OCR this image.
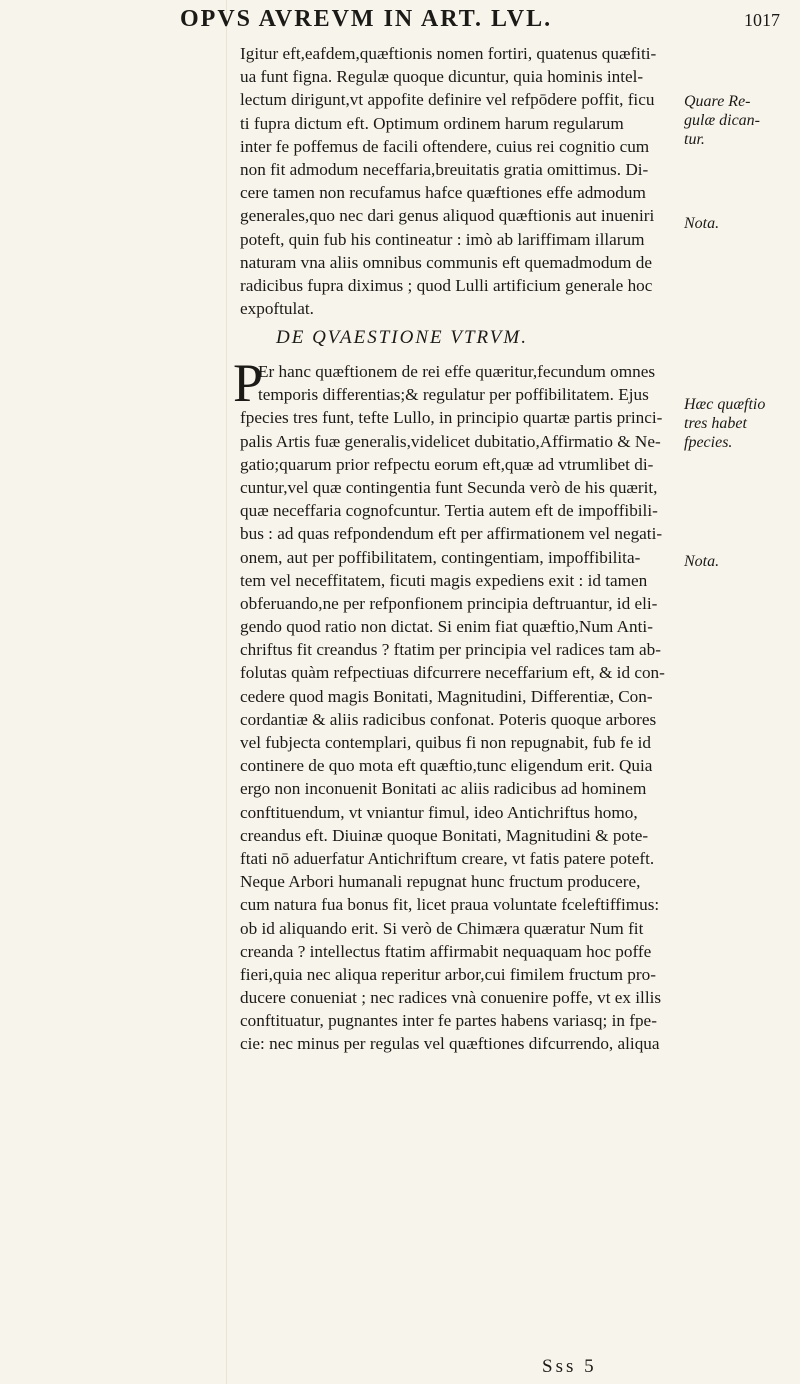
OPVS AVREVM IN ART. LVL.	1017
Igitur eft,eafdem,quæftionis nomen fortiri, quatenus quæfiti-
ua funt figna. Regulæ quoque dicuntur, quia hominis intel-
lectum dirigunt,vt appofite definire vel refpōdere poffit, ficu
ti fupra dictum eft. Optimum ordinem harum regularum
inter fe poffemus de facili oftendere, cuius rei cognitio cum
non fit admodum neceffaria,breuitatis gratia omittimus. Di-
cere tamen non recufamus hafce quæftiones effe admodum
generales,quo nec dari genus aliquod quæftionis aut inueniri
poteft, quin fub his contineatur : imò ab lariffimam illarum
naturam vna aliis omnibus communis eft quemadmodum de
radicibus fupra diximus ; quod Lulli artificium generale hoc
expoftulat.
DE QVAESTIONE VTRVM.
P
Er hanc quæftionem de rei effe quæritur,fecundum omnes
temporis differentias;& regulatur per poffibilitatem. Ejus
fpecies tres funt, tefte Lullo, in principio quartæ partis princi-
palis Artis fuæ generalis,videlicet dubitatio,Affirmatio & Ne-
gatio;quarum prior refpectu eorum eft,quæ ad vtrumlibet di-
cuntur,vel quæ contingentia funt Secunda verò de his quærit,
quæ neceffaria cognofcuntur. Tertia autem eft de impoffibili-
bus : ad quas refpondendum eft per affirmationem vel negati-
onem, aut per poffibilitatem, contingentiam, impoffibilita-
tem vel neceffitatem, ficuti magis expediens exit : id tamen
obferuando,ne per refponfionem principia deftruantur, id eli-
gendo quod ratio non dictat. Si enim fiat quæftio,Num Anti-
chriftus fit creandus ? ftatim per principia vel radices tam ab-
folutas quàm refpectiuas difcurrere neceffarium eft, & id con-
cedere quod magis Bonitati, Magnitudini, Differentiæ, Con-
cordantiæ & aliis radicibus confonat. Poteris quoque arbores
vel fubjecta contemplari, quibus fi non repugnabit, fub fe id
continere de quo mota eft quæftio,tunc eligendum erit. Quia
ergo non inconuenit Bonitati ac aliis radicibus ad hominem
conftituendum, vt vniantur fimul, ideo Antichriftus homo,
creandus eft. Diuinæ quoque Bonitati, Magnitudini & pote-
ftati nō aduerfatur Antichriftum creare, vt fatis patere poteft.
Neque Arbori humanali repugnat hunc fructum producere,
cum natura fua bonus fit, licet praua voluntate fceleftiffimus:
ob id aliquando erit. Si verò de Chimæra quæratur Num fit
creanda ? intellectus ftatim affirmabit nequaquam hoc poffe
fieri,quia nec aliqua reperitur arbor,cui fimilem fructum pro-
ducere conueniat ; nec radices vnà conuenire poffe, vt ex illis
conftituatur, pugnantes inter fe partes habens variasq; in fpe-
cie: nec minus per regulas vel quæftiones difcurrendo, aliqua
Quare Re-
gulæ dican-
tur.
Nota.
Hæc quæftio
tres habet
fpecies.
Nota.
Sss 5
